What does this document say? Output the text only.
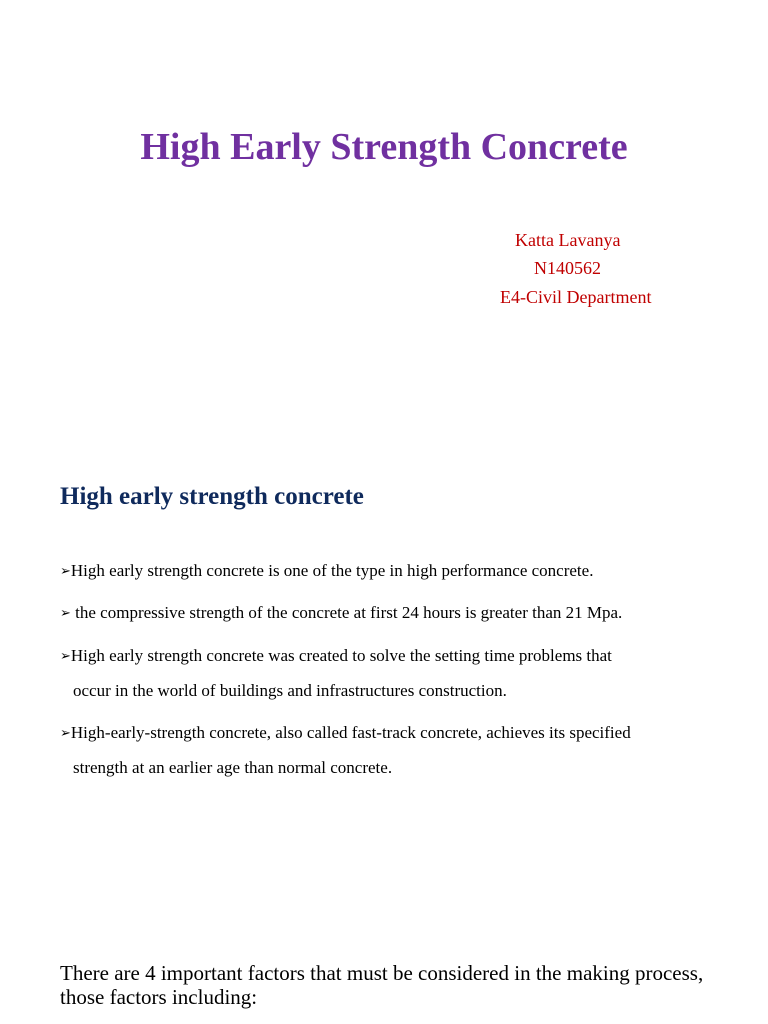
High Early Strength Concrete
Katta Lavanya
N140562
E4-Civil Department
High early strength concrete
➢High early strength concrete is one of the type in high performance concrete.
➢ the compressive strength of the concrete at first 24 hours is greater than 21 Mpa.
➢High early strength concrete was created to solve the setting time problems that
occur in the world of buildings and infrastructures construction.
➢High-early-strength concrete, also called fast-track concrete, achieves its specified
strength at an earlier age than normal concrete.

There are 4 important factors that must be considered in the making process, those factors including:
